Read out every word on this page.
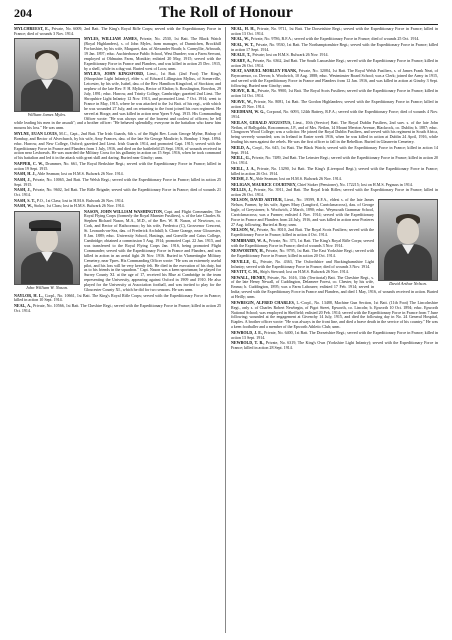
204	The Roll of Honour
MYLCHREEST, E., Private, No. 6009, 2nd Batt. The King's Royal Rifle Corps; served with the Expeditionary Force in France; died of wounds 3 Nov. 1914.
William James Myles.
MYLES, WILLIAM JAMES, Private, No. 2530, 1st Batt. The Black Watch (Royal Highlanders), s. of John Myles, farm manager, of Dunnichen, Brockhill Forfarshire, by his wife, Margaret, dau. of Alexander Boath; b. Carmyllie, Arbroath, 19 Jan. 1897; educ. Auchterhouse Public School, West Dundee; was a Farm Servant, employed at Oldmains Farm, Monikie; enlisted 20 May, 1915; served with the Expeditionary Force in France and Flanders, and was killed in action 25 Dec. 1915, by a shell, while in a dug-out. Buried west of Loos; unm.
MYLIUS, JOHN KINGSFORD, Lieut., 1st Batt. (2nd Foot) The King's (Shropshire Light Infantry), elder s. of Edward Lillingston Mylius, of Somerville, Leicester, by his wife, Isabel, dau. of the Rev. Hamilton Kingsford, of Stockton; and nephew of the late Rev. F. H. Mylius, Rector of Elsdon; b. Rosslington, Bowdon, 29 July, 1891; educ. Harrow, and Trinity College, Cambridge; gazetted 2nd Lieut. The Shropshire Light Infantry 12 Nov. 1913, and promoted Lieut. 7 Oct. 1914; went to France in May, 1915, where he was attached to the 1st Batt. of his regt., with which he was wounded 27 July, and on returning to the front joined his own regiment. He served at Hooge, and was killed in action near Ypres 9 Aug. 1915. His Commanding Officer wrote: "He was always one of the bravest and coolest of officers; he fell while leading his men in the assault"; and a brother officer: "He behaved splendidly; everyone in the battalion who knew him mourns his loss." He was unm.
MYLNE, EUAN LOUIS, M.C., Capt., 2nd Batt. The Irish Guards, 6th s. of the Right Rev. Louis George Mylne, Bishop of Bombay, and Rector of Alvechurch, by his wife, Amy Frances, dau. of the late Sir George Moultrie; b. Bombay 1 Sept. 1894; educ. Harrow, and New College, Oxford; gazetted 2nd Lieut. Irish Guards 1914, and promoted Capt. 1915; served with the Expeditionary Force in France and Flanders from 1 July, 1916, and died on the battlefield 25 Sept. 1916, of wounds received in action near Lesboeufs. He was awarded the Military Cross for his gallantry in action on 15 Sept. 1916, when he took command of his battalion and led it in the attack with great skill and daring. Buried near Ginchy; unm.
NAPPER, C. W., Drummer, No. 661, The Royal Berkshire Regt.; served with the Expeditionary Force in France; killed in action 19 Sept. 1915.
NASH, H. J., Able Seaman; lost on H.M.S. Bulwark 26 Nov. 1914.
NASH, J., Private, No. 10065, 2nd Batt. The Welsh Regt.; served with the Expeditionary Force in France; killed in action 25 Sept. 1915.
NASH, J., Private, No. 9602, 3rd Batt. The Rifle Brigade; served with the Expeditionary Force in France; died of wounds 21 Oct. 1914.
NASH, S. T., P.O., 1st Class; lost in H.M.S. Bulwark 26 Nov. 1914.
NASH, W., Stoker, 1st Class; lost in H.M.S. Bulwark 26 Nov. 1914.
John William W. Nason.
NASON, JOHN WILLIAM WASHINGTON, Capt. and Flight Commander, The Royal Flying Corps (formerly the Royal Munster Fusiliers), s. of the late Charles St. Stephen Richard Nason, M.A., M.D., of the Rev. W. H. Nason, of Newtown, co. Cork, and Rector of Rathcormac; by his wife, Frederica (C), Grosvenor Crescent, St. Leonards-on-Sea, dau. of Frederick Archdall; b. Clone Grange, near Gloucester, 8 Jan. 1889; educ. University School, Hastings, and Gonville and Caius College, Cambridge; obtained a commission 5 Aug. 1914; promoted Capt. 22 Jan. 1915, and was transferred to the Royal Flying Corps Jan. 1916, being promoted Flight Commander; served with the Expeditionary Force in France and Flanders, and was killed in action in an aerial fight 26 Nov. 1916. Buried in Vlamertinghe Military Cemetery, near Ypres. His Commanding Officer wrote: "He was an extremely useful pilot, and his loss will be very keenly felt. He died in the execution of his duty, but as to his friends in the squadron." Capt. Nason was a keen sportsman; he played for Surrey County XI. at the age of 17, received his Blue at Cambridge in the team representing the University, appearing against Oxford in 1909 and 1910. He also played for the University at Association football, and was invited to play for the Gloucester County XI., which he did for two seasons. He was unm.
NAYLOR, H. L., Corpl., No. 10661, 1st Batt. The King's Royal Rifle Corps; served with the Expeditionary Force in France; killed in action 10 Sept. 1914.
NEAL, A., Private, No. 10566, 1st Batt. The Cheshire Regt.; served with the Expeditionary Force in France; killed in action 25 Oct. 1914.
NEAL, H. H., Private, No. 9711, 1st Batt. The Dorsetshire Regt.; served with the Expeditionary Force in France; killed in action 13 Oct. 1914.
NEAL, W., Private, No. 9786, B.F.A.; served with the Expeditionary Force in France; died of wounds 25 Oct. 1914.
NEAL, W. T., Private, No. 9530, 1st Batt. The Northamptonshire Regt.; served with the Expeditionary Force in France; killed in action 17 Sept. 1914.
NEALE, T., Private; lost on H.M.S. Bulwark 26 Nov. 1914.
NEARY, A., Private, No. 6362, 2nd Batt. The South Lancashire Regt.; served with the Expeditionary Force in France; killed in action 26 Oct. 1914.
NEAT, SAMUEL MORLEY FRANK, Private, No. 32084, 1st Batt. The Royal Welsh Fusiliers, s. of James Frank Neat, of Bryncaemor, co. Devon; b. Woolwich, 10 Aug. 1888; educ. Westminster Board School; was a Clerk; joined the Army in 1915, and served with the Expeditionary Force in France and Flanders from 12 Jan. 1916, and was killed in action at Ginchy 3 Sept. following. Buried near Ginchy; unm.
NEAVE, B. R., Private, No. 9900, 1st Batt. The Royal Scots Fusiliers; served with the Expeditionary Force in France; killed in action 14 Oct. 1914.
NEAVE, W., Private, No. 8081, 1st Batt. The Gordon Highlanders; served with the Expeditionary Force in France; killed in action 25 Nov. 1914.
NEEDHAM, W. G., Corporal, No. 6093, 124th Battery, R.F.A.; served with the Expeditionary Force; died of wounds 4 Nov. 1914.
NEILAN, GERALD AUGUSTUS, Lieut., 10th (Service) Batt. The Royal Dublin Fusiliers, 2nd surv. s. of the late John Neilan, of Ballygalda, Roscommon, J.P., and of Mrs. Neilan, 14 Mount Merrion Avenue, Blackrock, co. Dublin; b. 1887; educ. Clongowes Wood College; was a solicitor. He joined the Royal Dublin Fusiliers, and served with his regiment in South Africa, being severely wounded; was in Ireland in Easter week 1916, when he was killed in action at Dublin 24 April, 1916, while leading his men against the rebels. He was the first officer to fall in the Rebellion. Buried in Glasnevin Cemetery.
NEILD, A., Corpl., No. 645, 1st Batt. The Black Watch; served with the Expeditionary Force in France; killed in action 14 Sept. 1914.
NEILL, G., Private, No. 7489, 2nd Batt. The Leinster Regt.; served with the Expeditionary Force in France; killed in action 20 Oct. 1914.
NEILL, J. A., Private, No. 13290, 1st Batt. The King's (Liverpool Regt.); served with the Expeditionary Force in France; killed in action 26 Oct. 1914.
NEISH, J. N., Able Seaman; lost on H.M.S. Bulwark 26 Nov. 1914.
NELIGAN, MAURICE COURTNEY, Chief Stoker (Pensioner), No. 172215; lost on H.M.S. Pegasus in 1914.
NELLIS, J., Private, No. 3911, 2nd Batt. The Royal Irish Rifles; served with the Expeditionary Force in France; killed in action 26 Oct. 1914.
David Arthur Nelson.
NELSON, DAVID ARTHUR, Lieut., No. 19599, R.F.A., eldest s. of the late James Nelson, Farmer, by his wife, Agnes Mary (Langford, Carrickmacross), dau. of George Ingle, of Greystones; b. Woolwich, 2 March, 1890; educ. Weymouth Grammar School, Carrickmacross; was a Farmer; enlisted 4 Nov. 1914; served with the Expeditionary Force in France and Flanders from 24 July, 1916, and was killed in action near Pozieres 27 Aug. following. Buried at Bray; unm.
NELSON, W., Private, No. 8010, 2nd Batt. The Royal Scots Fusiliers; served with the Expeditionary Force in France; killed in action 4 Oct. 1914.
NEMBHARD, W. A., Private, No. 373, 1st Batt. The King's Royal Rifle Corps; served with the Expeditionary Force in France; died of wounds 3 Nov. 1914.
NESWORTHY, H., Private, No. 9795, 1st Batt. The East Yorkshire Regt.; served with the Expeditionary Force in France; killed in action 20 Oct. 1914.
NEVILLE, G., Private, No. 4363, The Oxfordshire and Buckinghamshire Light Infantry; served with the Expeditionary Force in France; died of wounds 3 Nov. 1914.
NEVITT, C. M., Ship's Steward; lost on H.M.S. Bulwark 26 Nov. 1914.
NEWALL, HENRY, Private, No. 1616, 13th (Territorial) Batt. The Cheshire Regt., s. of the late Henry Newall, of Cuddington, Delamere Forest, co. Chester, by his wife, Emma; b. Cuddington, 1895; was a Farm Labourer; enlisted 17 Feb. 1914; served in India; served with the Expeditionary Force in France and Flanders, and died 1 May, 1916, of wounds received in action. Buried at Heilly; unm.
NEWBEGIN, ALFRED CHARLES, L.-Corpl., No. 13488, Machine Gun Section, 1st Batt. (11th Foot) The Lincolnshire Regt., only s. of Charles Robert Newbegin, of Pigot Street, Epworth, co. Lincoln; b. Epworth 10 Oct. 1894; educ. Epworth National School; was employed in Sheffield; enlisted 20 Feb. 1914; served with the Expeditionary Force in France from 7 June following; wounded at the engagement at Givenchy 14 July, 1915, and died the following day in No. 24 General Hospital, Etaples. A brother officer wrote: "He was always in the front line, and died a brave death in the service of his country." He was a keen footballer and a member of the Epworth Athletic Club; unm.
NEWBOLD, J. E., Private, No. 6400, 1st Batt. The Dorsetshire Regt.; served with the Expeditionary Force in France; killed in action 13 Sept. 1914.
NEWBOLD, T. R., Private, No. 6319, The King's Own (Yorkshire Light Infantry); served with the Expeditionary Force in France; killed in action 28 Sept. 1914.
